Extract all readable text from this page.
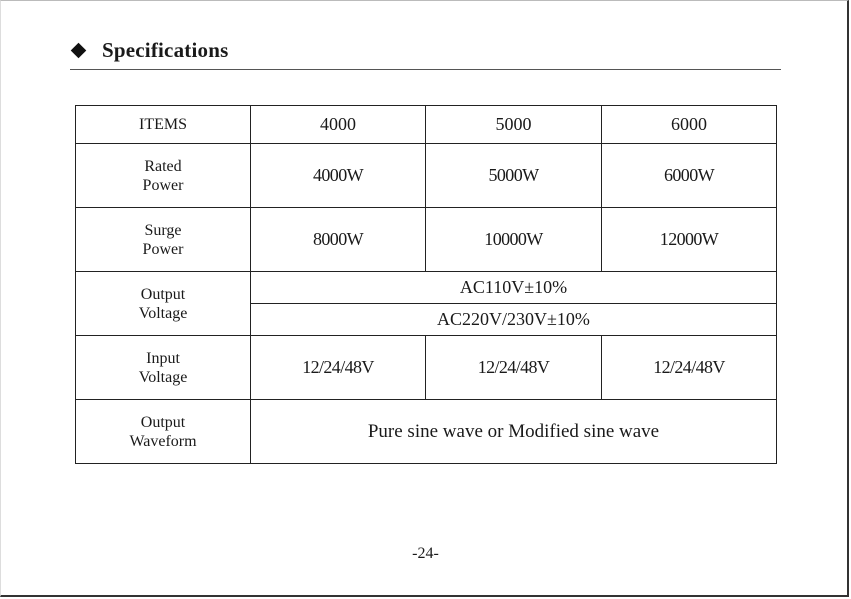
Specifications
ITEMS	4000	5000	6000

Rated
Power	4000W	5000W	6000W

Surge
Power	8000W	10000W	12000W

Output
Voltage	AC110V±10%		
	AC220V/230V±10%		

Input
Voltage	12/24/48V	12/24/48V	12/24/48V

Output
Waveform	Pure sine wave or Modified sine wave		
-24-
